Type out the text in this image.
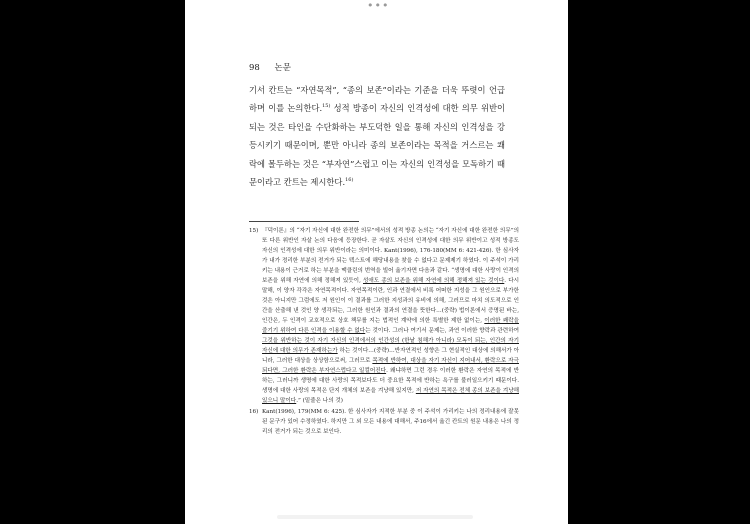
98 논문

기서 칸트는 “자연목적”, “종의 보존”이라는 기준을 더욱 뚜렷이 언급하며 이를 논의한다.$^{15)}$ 성적 방종이 자신의 인격성에 대한 의무 위반이 되는 것은 타인을 수단화하는 부도덕한 일을 통해 자신의 인격성을 강등시키기 때문이며, 뿐만 아니라 종의 보존이라는 목적을 거스르는 쾌락에 몰두하는 것은 “부자연”스럽고 이는 자신의 인격성을 모독하기 때문이라고 칸트는 제시한다.$^{16)}$

15) 『덕이론』의 “자기 자신에 대한 완전한 의무”에서의 성적 방종 논의는 “자기 자신에 대한 완전한 의무”의 또 다른 위반인 자살 논의 다음에 등장한다. 곧 자살도 자신의 인격성에 대한 의무 위반이고 성적 방종도 자신의 인격성에 대한 의무 위반이라는 의미이다. Kant(1996), 176-180(MM 6: 421-426). 한 심사자가 내가 정리한 부분의 전거가 되는 텍스트에 해당내용을 찾을 수 없다고 문제제기 하였다. 이 주석이 가리키는 내용이 근거로 하는 부분을 맥클린의 번역을 빌어 옮기자면 다음과 같다. “생명에 대한 사랑이 인격의 보존을 위해 자연에 의해 정해져 있듯이, 성애도 종의 보존을 위해 자연에 의해 정해져 있는 것이다. 다시 말해, 이 양자 각각은 자연목적이다. 자연목적이란, 인과 연결에서 비록 어떠한 지성을 그 원인으로 부가한 것은 아니지만 그럼에도 저 원인이 이 결과를 그러한 지성과의 유비에 의해, 그러므로 마치 의도적으로 인간을 산출해 낸 것인 양 생각되는, 그러한 원인과 결과의 연결을 뜻한다…(중략) 법이론에서 증명된 바는, 인간은, 두 인격이 교호적으로 상호 책무를 지는 법적인 계약에 의한 특별한 제한 없이는, 이러한 쾌락을 즐기기 위하여 다른 인격을 이용할 수 없다는 것이다. 그러나 여기서 문제는, 과연 이러한 향락과 관련하여 그것을 위반하는 것이 자기 자신의 인격에서의 인간성의 (한낱 침해가 아니라) 모독이 되는, 인간의 자기 자신에 대한 의무가 존재하는가 하는 것이다…(중략)…반자연적인 성향은 그 현실적인 대상에 의해서가 아니라, 그러한 대상을 상상함으로써, 그러므로 목적에 반하여, 대상을 자기 자신이 지어내서, 환락으로 자극되다면, 그러한 환락은 부자연스럽다고 일컬어진다. 왜냐하면 그런 경우 이러한 환락은 자연의 목적에 반하는, 그러니까 생명에 대한 사랑의 목적보다도 더 중요한 목적에 반하는 욕구를 불러일으키기 때문이다. 생명에 대한 사랑의 목적은 단지 개체의 보존을 겨냥해 있지만, 저 자연의 목적은 전체 종의 보존을 겨냥해 있으니 말이다.” (밑줄은 나의 것)

16) Kant(1996), 179(MM 6: 425). 한 심사자가 지적한 부분 중 이 주석이 가리키는 나의 정리내용에 잘못된 문구가 있어 수정하였다. 하지만 그 외 모든 내용에 대해서, 주16에서 옮긴 칸트의 원문 내용은 나의 정리의 전거가 되는 것으로 보인다.

•••
